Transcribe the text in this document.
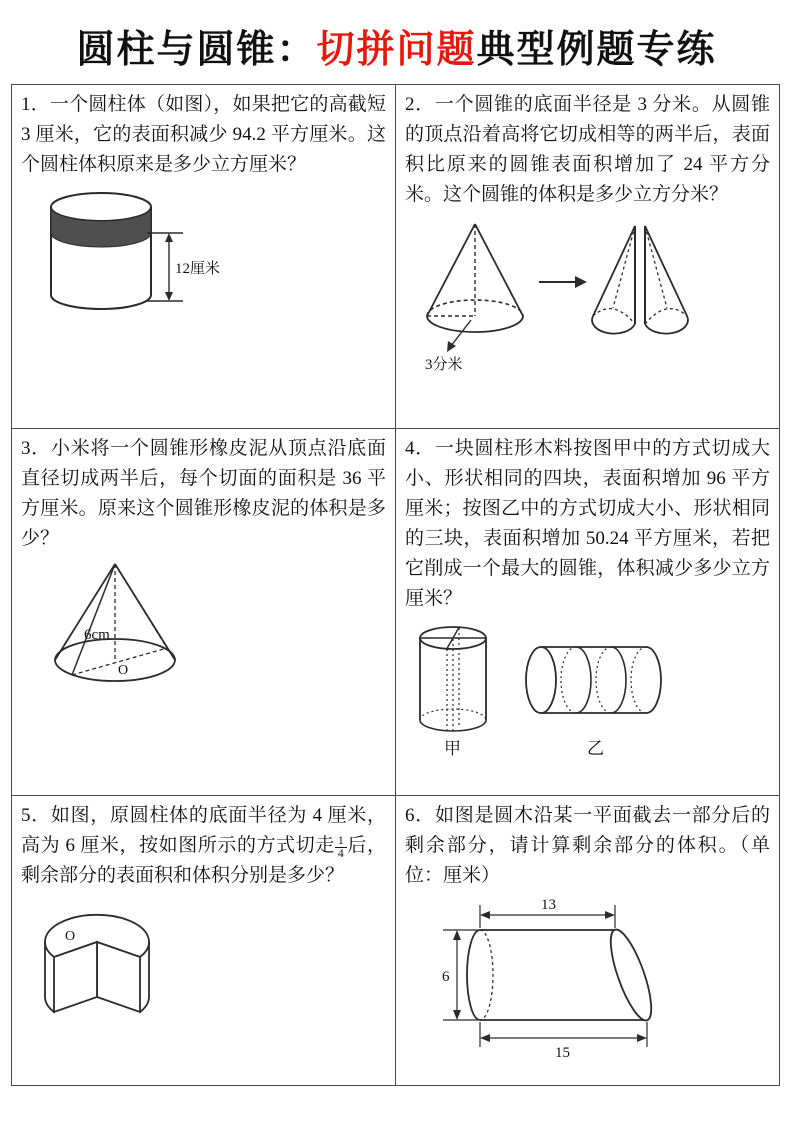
圆柱与圆锥：切拼问题典型例题专练

1．一个圆柱体（如图），如果把它的高截短 3 厘米，它的表面积减少 94.2 平方厘米。这个圆柱体积原来是多少立方厘米？

12厘米

2．一个圆锥的底面半径是 3 分米。从圆锥的顶点沿着高将它切成相等的两半后，表面积比原来的圆锥表面积增加了 24 平方分米。这个圆锥的体积是多少立方分米？

3分米

3．小米将一个圆锥形橡皮泥从顶点沿底面直径切成两半后，每个切面的面积是 36 平方厘米。原来这个圆锥形橡皮泥的体积是多少？

6cm
O

4．一块圆柱形木料按图甲中的方式切成大小、形状相同的四块，表面积增加 96 平方厘米；按图乙中的方式切成大小、形状相同的三块，表面积增加 50.24 平方厘米，若把它削成一个最大的圆锥，体积减少多少立方厘米？

甲	乙

5．如图，原圆柱体的底面半径为 4 厘米，高为 6 厘米，按如图所示的方式切走 $\frac{1}{4}$ 后，剩余部分的表面积和体积分别是多少？

O

6．如图是圆木沿某一平面截去一部分后的剩余部分，请计算剩余部分的体积。（单位：厘米）

13
6
15
